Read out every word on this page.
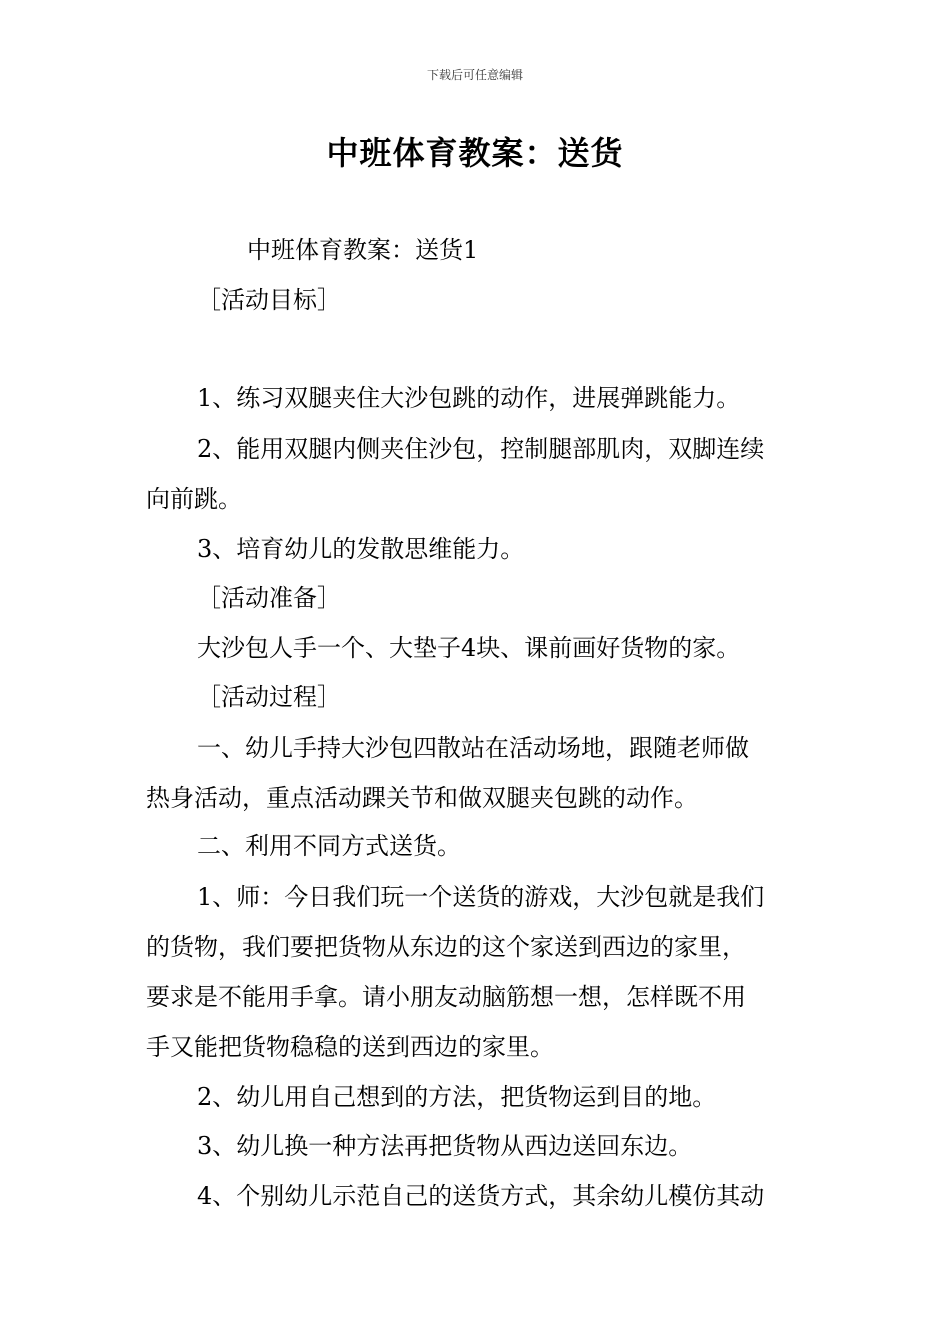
下载后可任意编辑
中班体育教案：送货
中班体育教案：送货1
［活动目标］
1、练习双腿夹住大沙包跳的动作，进展弹跳能力。
2、能用双腿内侧夹住沙包，控制腿部肌肉，双脚连续
向前跳。
3、培育幼儿的发散思维能力。
［活动准备］
大沙包人手一个、大垫子4块、课前画好货物的家。
［活动过程］
一、幼儿手持大沙包四散站在活动场地，跟随老师做
热身活动，重点活动踝关节和做双腿夹包跳的动作。
二、利用不同方式送货。
1、师：今日我们玩一个送货的游戏，大沙包就是我们
的货物，我们要把货物从东边的这个家送到西边的家里，
要求是不能用手拿。请小朋友动脑筋想一想，怎样既不用
手又能把货物稳稳的送到西边的家里。
2、幼儿用自己想到的方法，把货物运到目的地。
3、幼儿换一种方法再把货物从西边送回东边。
4、个别幼儿示范自己的送货方式，其余幼儿模仿其动
